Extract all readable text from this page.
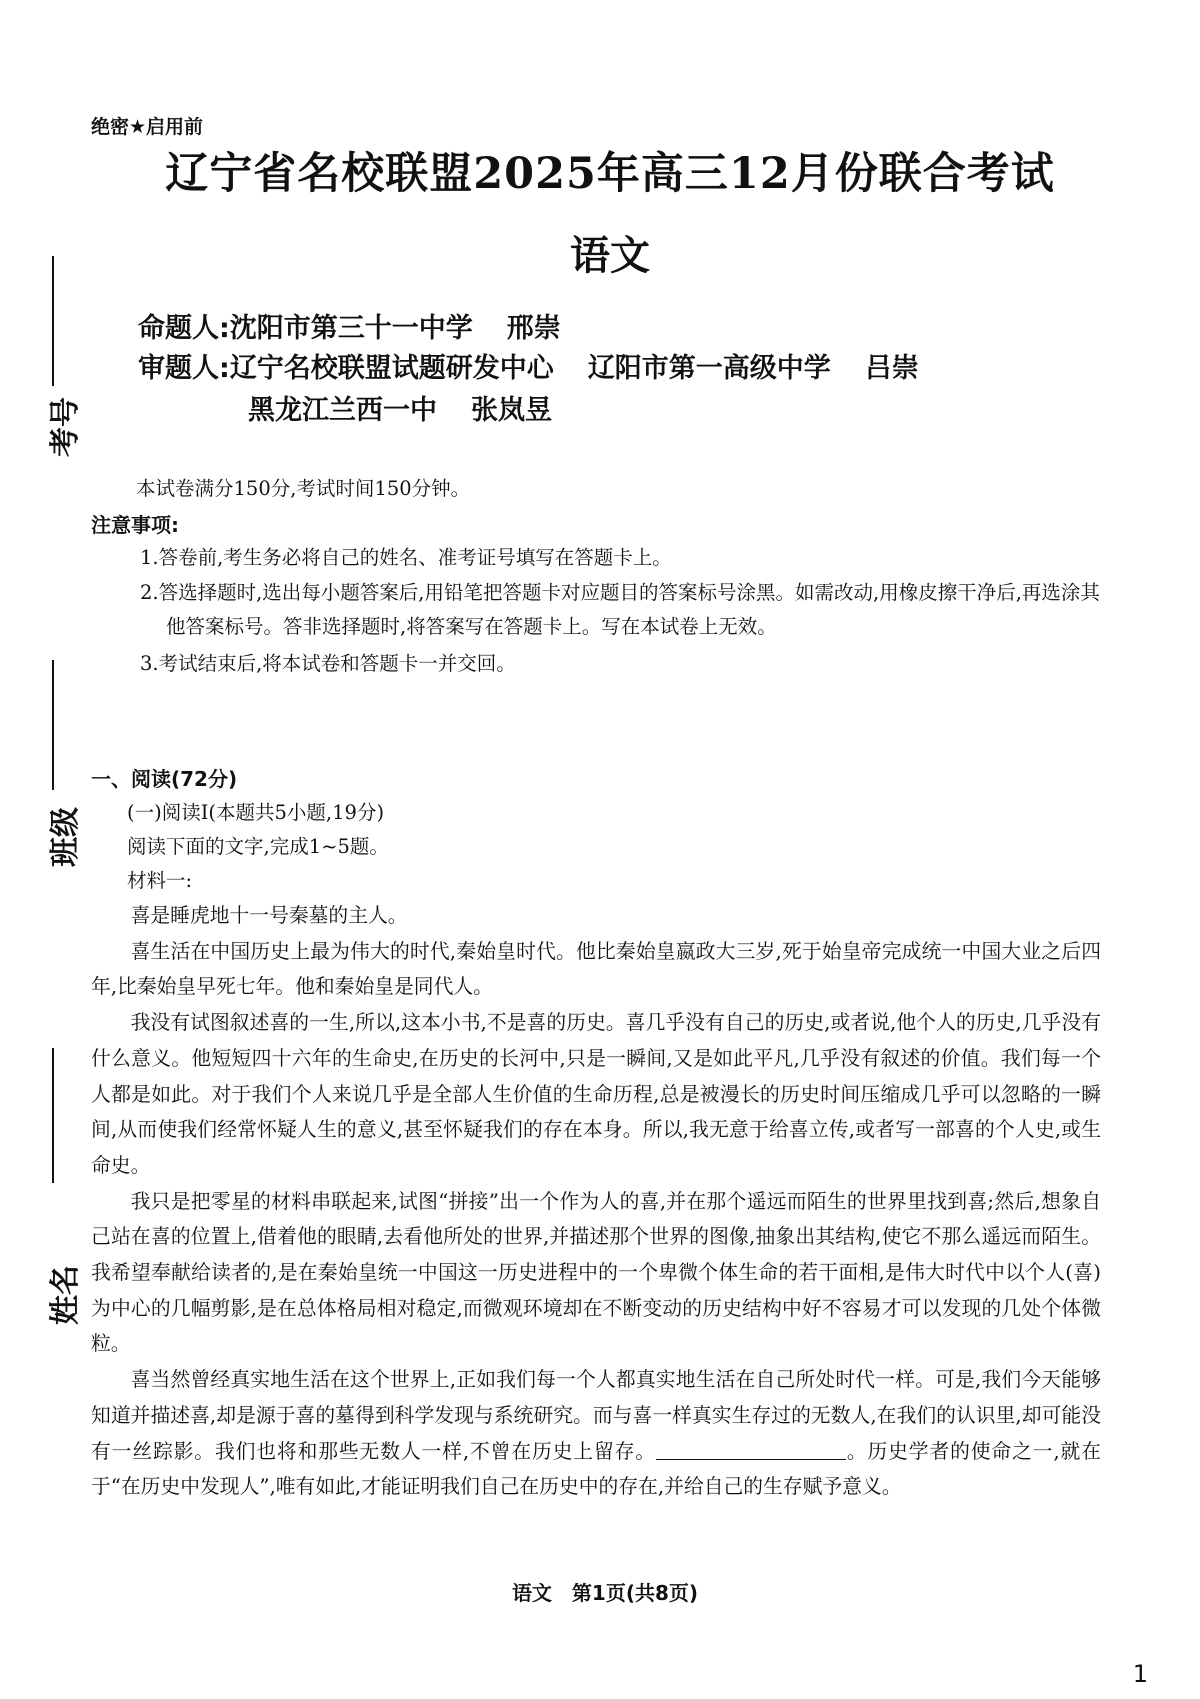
考号
班级
姓名
绝密★启用前
辽宁省名校联盟2025年高三12月份联合考试
语文
命题人:沈阳市第三十一中学 邢崇
审题人:辽宁名校联盟试题研发中心 辽阳市第一高级中学 吕崇
黑龙江兰西一中 张岚昱
本试卷满分150分,考试时间150分钟。
注意事项:
1.答卷前,考生务必将自己的姓名、准考证号填写在答题卡上。
2.答选择题时,选出每小题答案后,用铅笔把答题卡对应题目的答案标号涂黑。如需改动,用橡皮擦干净后,再选涂其他答案标号。答非选择题时,将答案写在答题卡上。写在本试卷上无效。
3.考试结束后,将本试卷和答题卡一并交回。
一、阅读(72分)
(一)阅读Ⅰ(本题共5小题,19分)
阅读下面的文字,完成1~5题。
材料一:

喜是睡虎地十一号秦墓的主人。

喜生活在中国历史上最为伟大的时代,秦始皇时代。他比秦始皇嬴政大三岁,死于始皇帝完成统一中国大业之后四年,比秦始皇早死七年。他和秦始皇是同代人。

我没有试图叙述喜的一生,所以,这本小书,不是喜的历史。喜几乎没有自己的历史,或者说,他个人的历史,几乎没有什么意义。他短短四十六年的生命史,在历史的长河中,只是一瞬间,又是如此平凡,几乎没有叙述的价值。我们每一个人都是如此。对于我们个人来说几乎是全部人生价值的生命历程,总是被漫长的历史时间压缩成几乎可以忽略的一瞬间,从而使我们经常怀疑人生的意义,甚至怀疑我们的存在本身。所以,我无意于给喜立传,或者写一部喜的个人史,或生命史。

我只是把零星的材料串联起来,试图“拼接”出一个作为人的喜,并在那个遥远而陌生的世界里找到喜;然后,想象自己站在喜的位置上,借着他的眼睛,去看他所处的世界,并描述那个世界的图像,抽象出其结构,使它不那么遥远而陌生。我希望奉献给读者的,是在秦始皇统一中国这一历史进程中的一个卑微个体生命的若干面相,是伟大时代中以个人(喜)为中心的几幅剪影,是在总体格局相对稳定,而微观环境却在不断变动的历史结构中好不容易才可以发现的几处个体微粒。

喜当然曾经真实地生活在这个世界上,正如我们每一个人都真实地生活在自己所处时代一样。可是,我们今天能够知道并描述喜,却是源于喜的墓得到科学发现与系统研究。而与喜一样真实生存过的无数人,在我们的认识里,却可能没有一丝踪影。我们也将和那些无数人一样,不曾在历史上留存。	。历史学者的使命之一,就在于“在历史中发现人”,唯有如此,才能证明我们自己在历史中的存在,并给自己的生存赋予意义。

语文　第1页(共8页)
1
